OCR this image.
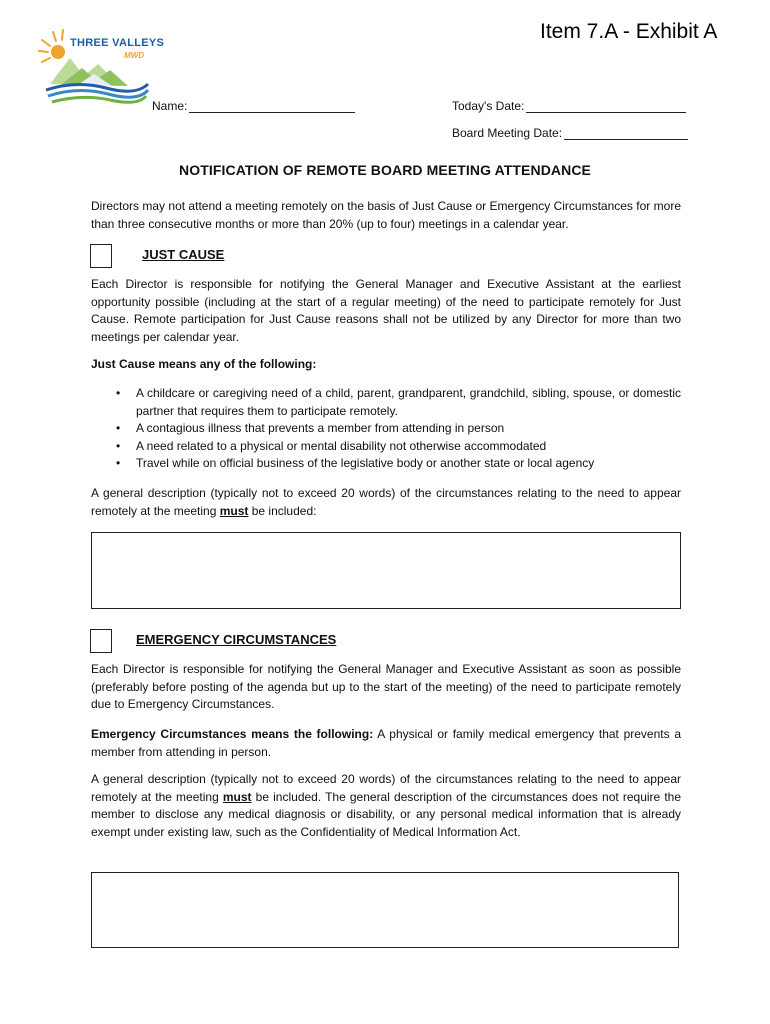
Item 7.A - Exhibit A
THREE VALLEYS
MWD
Name:	Today's Date:
Board Meeting Date:
NOTIFICATION OF REMOTE BOARD MEETING ATTENDANCE
Directors may not attend a meeting remotely on the basis of Just Cause or Emergency Circumstances for more than three consecutive months or more than 20% (up to four) meetings in a calendar year.
JUST CAUSE
Each Director is responsible for notifying the General Manager and Executive Assistant at the earliest opportunity possible (including at the start of a regular meeting) of the need to participate remotely for Just Cause. Remote participation for Just Cause reasons shall not be utilized by any Director for more than two meetings per calendar year.
Just Cause means any of the following:
• A childcare or caregiving need of a child, parent, grandparent, grandchild, sibling, spouse, or domestic partner that requires them to participate remotely.
• A contagious illness that prevents a member from attending in person
• A need related to a physical or mental disability not otherwise accommodated
• Travel while on official business of the legislative body or another state or local agency
A general description (typically not to exceed 20 words) of the circumstances relating to the need to appear remotely at the meeting must be included:
EMERGENCY CIRCUMSTANCES
Each Director is responsible for notifying the General Manager and Executive Assistant as soon as possible (preferably before posting of the agenda but up to the start of the meeting) of the need to participate remotely due to Emergency Circumstances.
Emergency Circumstances means the following: A physical or family medical emergency that prevents a member from attending in person.
A general description (typically not to exceed 20 words) of the circumstances relating to the need to appear remotely at the meeting must be included. The general description of the circumstances does not require the member to disclose any medical diagnosis or disability, or any personal medical information that is already exempt under existing law, such as the Confidentiality of Medical Information Act.
